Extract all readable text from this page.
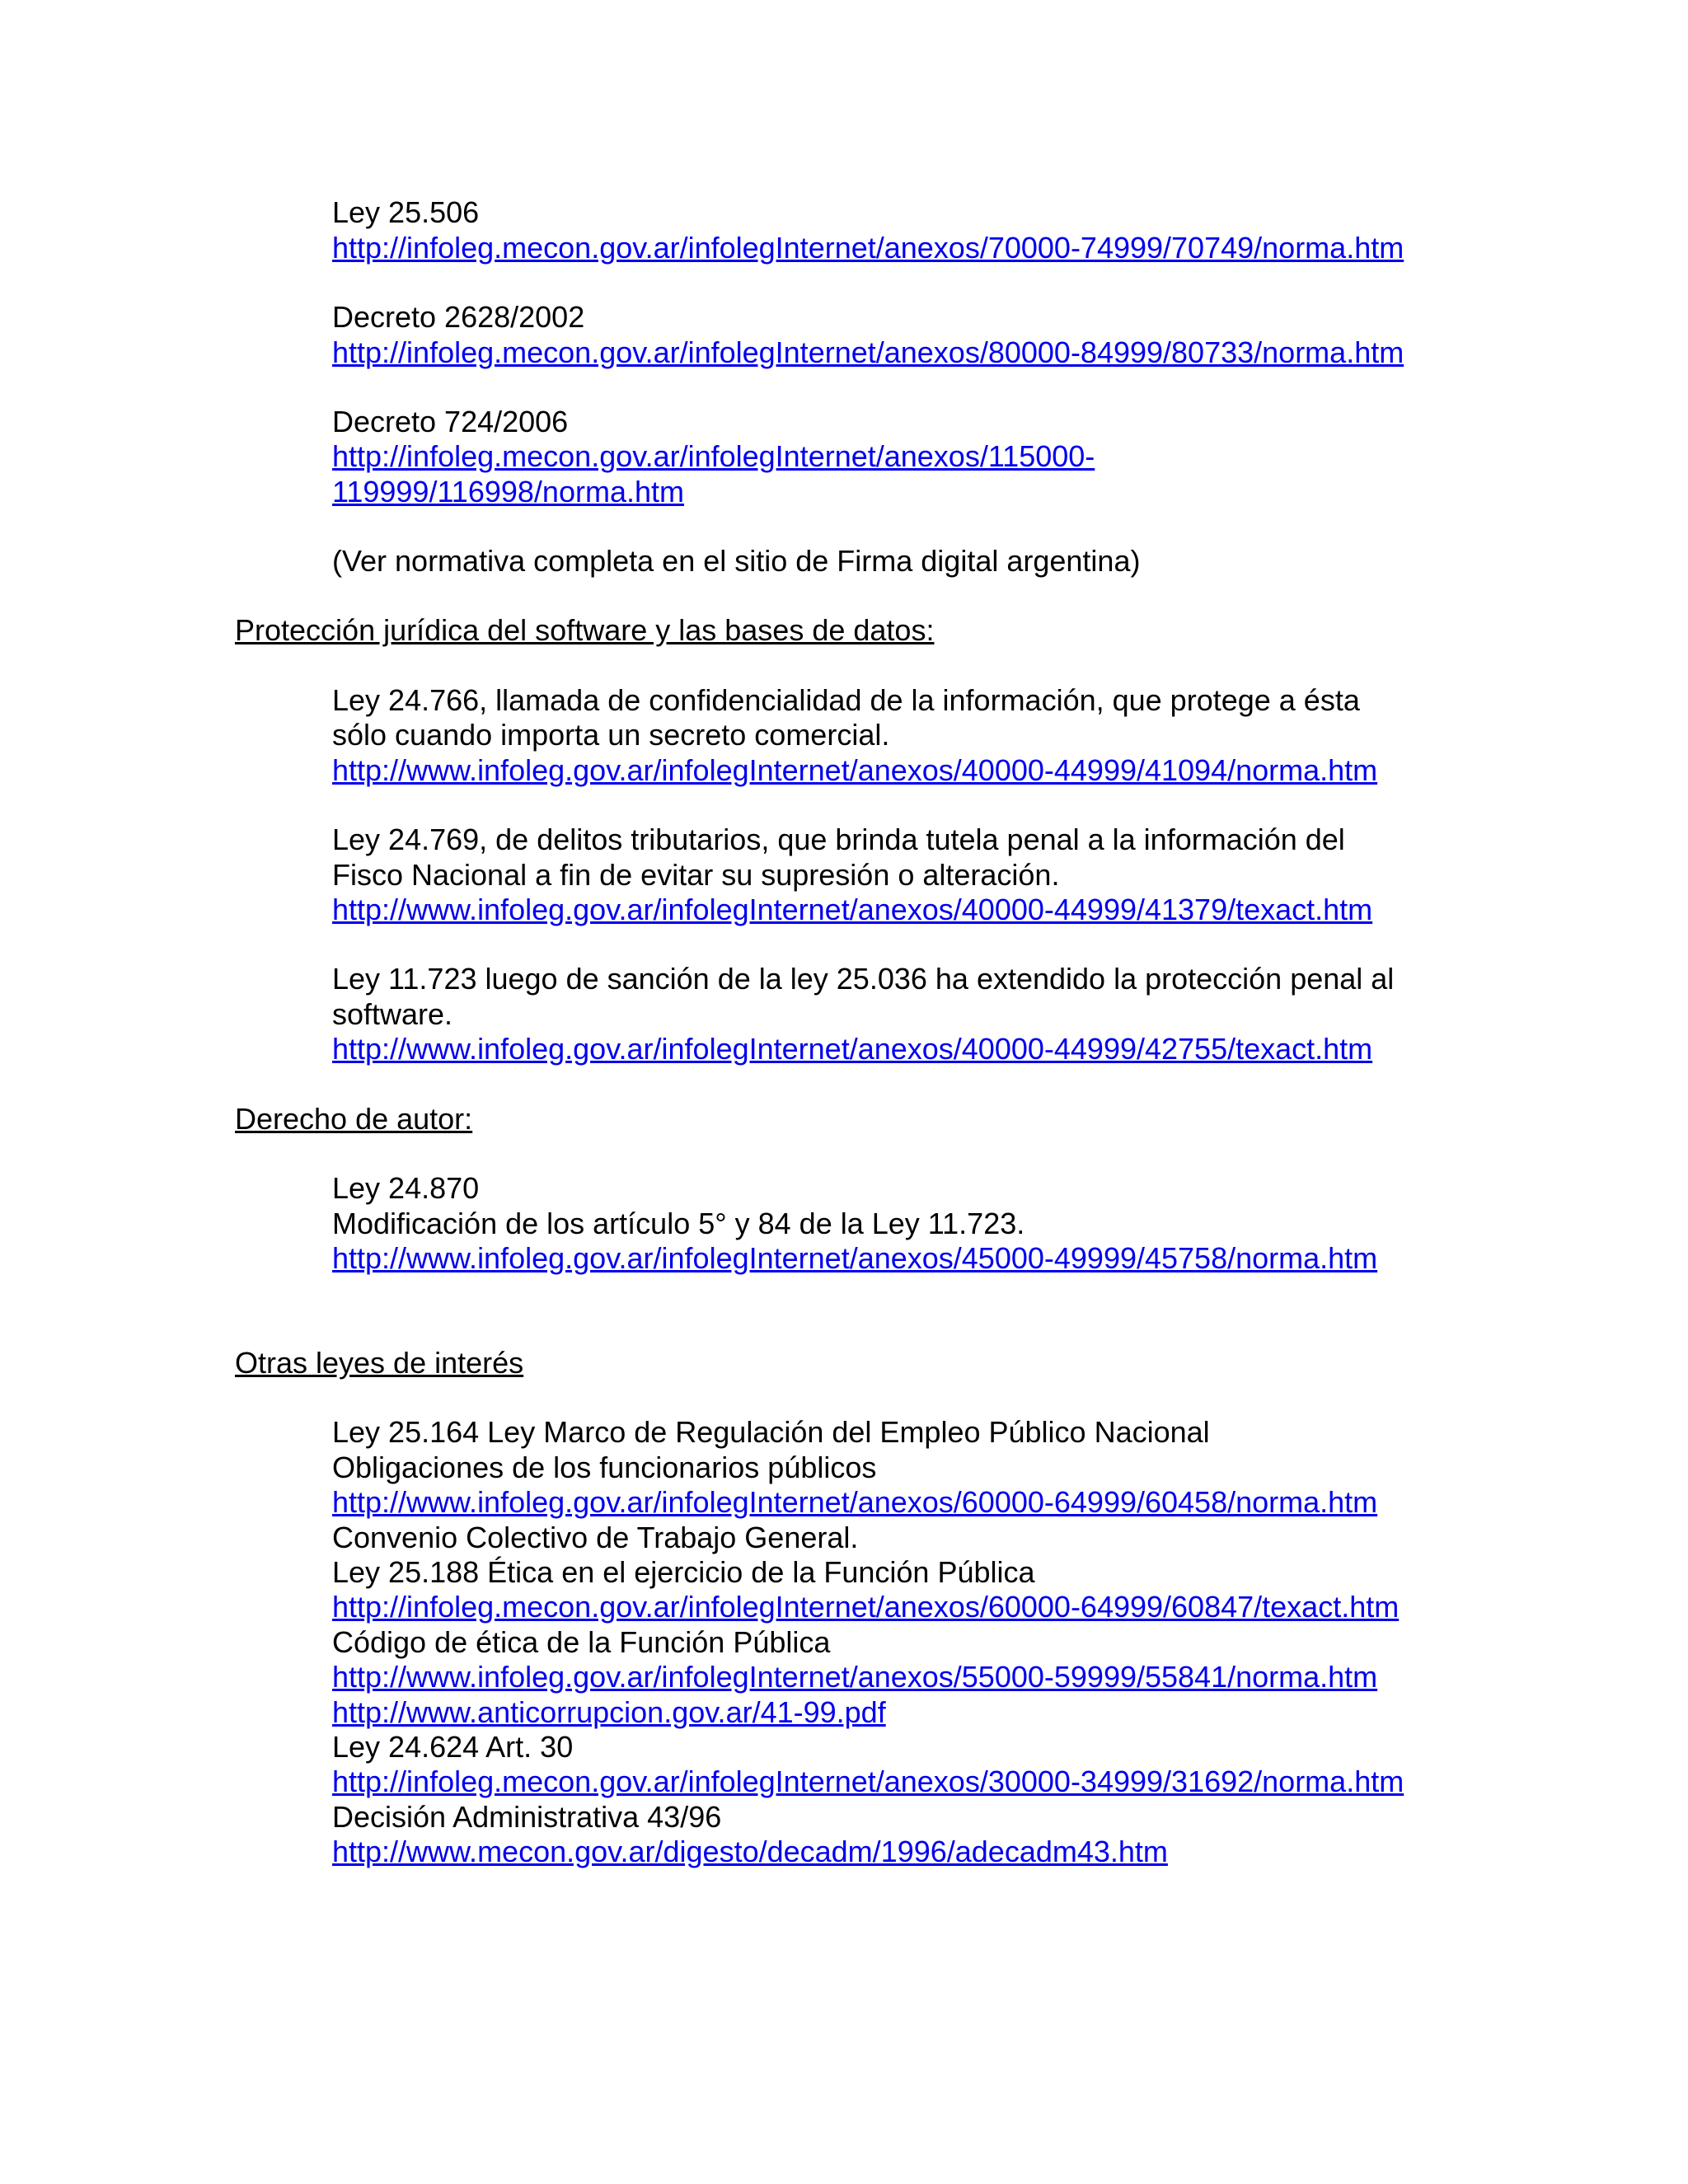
Ley 25.506
http://infoleg.mecon.gov.ar/infolegInternet/anexos/70000-74999/70749/norma.htm
Decreto 2628/2002
http://infoleg.mecon.gov.ar/infolegInternet/anexos/80000-84999/80733/norma.htm
Decreto 724/2006
http://infoleg.mecon.gov.ar/infolegInternet/anexos/115000-
119999/116998/norma.htm
(Ver normativa completa en el sitio de Firma digital argentina)
Protección jurídica del software y las bases de datos:
Ley 24.766, llamada de confidencialidad de la información, que protege a ésta
sólo cuando importa un secreto comercial.
http://www.infoleg.gov.ar/infolegInternet/anexos/40000-44999/41094/norma.htm
Ley 24.769, de delitos tributarios, que brinda tutela penal a la información del
Fisco Nacional a fin de evitar su supresión o alteración.
http://www.infoleg.gov.ar/infolegInternet/anexos/40000-44999/41379/texact.htm
Ley 11.723 luego de sanción de la ley 25.036 ha extendido la protección penal al
software.
http://www.infoleg.gov.ar/infolegInternet/anexos/40000-44999/42755/texact.htm
Derecho de autor:
Ley 24.870
Modificación de los artículo 5° y 84 de la Ley 11.723.
http://www.infoleg.gov.ar/infolegInternet/anexos/45000-49999/45758/norma.htm
Otras leyes de interés
Ley 25.164 Ley Marco de Regulación del Empleo Público Nacional
Obligaciones de los funcionarios públicos
http://www.infoleg.gov.ar/infolegInternet/anexos/60000-64999/60458/norma.htm
Convenio Colectivo de Trabajo General.
Ley 25.188 Ética en el ejercicio de la Función Pública
http://infoleg.mecon.gov.ar/infolegInternet/anexos/60000-64999/60847/texact.htm
Código de ética de la Función Pública
http://www.infoleg.gov.ar/infolegInternet/anexos/55000-59999/55841/norma.htm
http://www.anticorrupcion.gov.ar/41-99.pdf
Ley 24.624 Art. 30
http://infoleg.mecon.gov.ar/infolegInternet/anexos/30000-34999/31692/norma.htm
Decisión Administrativa 43/96
http://www.mecon.gov.ar/digesto/decadm/1996/adecadm43.htm
